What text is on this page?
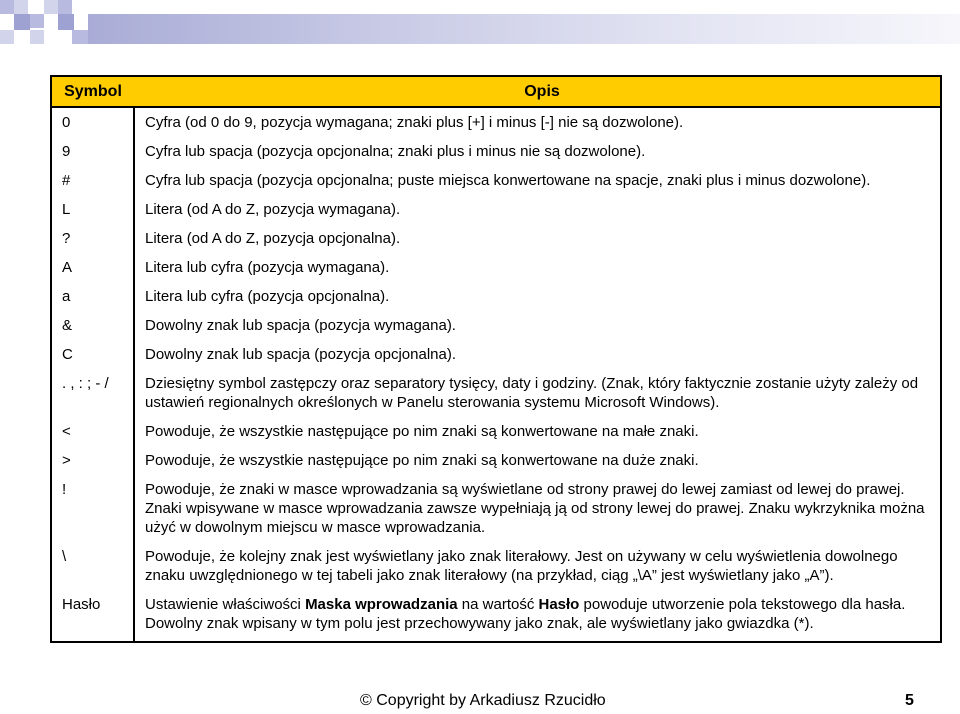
Symbol	Opis
0	Cyfra (od 0 do 9, pozycja wymagana; znaki plus [+] i minus [-] nie są dozwolone).
9	Cyfra lub spacja (pozycja opcjonalna; znaki plus i minus nie są dozwolone).
#	Cyfra lub spacja (pozycja opcjonalna; puste miejsca konwertowane na spacje, znaki plus i minus dozwolone).
L	Litera (od A do Z, pozycja wymagana).
?	Litera (od A do Z, pozycja opcjonalna).
A	Litera lub cyfra (pozycja wymagana).
a	Litera lub cyfra (pozycja opcjonalna).
&	Dowolny znak lub spacja (pozycja wymagana).
C	Dowolny znak lub spacja (pozycja opcjonalna).
. , : ; - /	Dziesiętny symbol zastępczy oraz separatory tysięcy, daty i godziny. (Znak, który faktycznie zostanie użyty zależy od ustawień regionalnych określonych w Panelu sterowania systemu Microsoft Windows).
<	Powoduje, że wszystkie następujące po nim znaki są konwertowane na małe znaki.
>	Powoduje, że wszystkie następujące po nim znaki są konwertowane na duże znaki.
!	Powoduje, że znaki w masce wprowadzania są wyświetlane od strony prawej do lewej zamiast od lewej do prawej. Znaki wpisywane w masce wprowadzania zawsze wypełniają ją od strony lewej do prawej. Znaku wykrzyknika można użyć w dowolnym miejscu w masce wprowadzania.
\	Powoduje, że kolejny znak jest wyświetlany jako znak literałowy. Jest on używany w celu wyświetlenia dowolnego znaku uwzględnionego w tej tabeli jako znak literałowy (na przykład, ciąg „\A” jest wyświetlany jako „A”).
Hasło	Ustawienie właściwości Maska wprowadzania na wartość Hasło powoduje utworzenie pola tekstowego dla hasła. Dowolny znak wpisany w tym polu jest przechowywany jako znak, ale wyświetlany jako gwiazdka (*).
© Copyright by Arkadiusz Rzucidło	5
